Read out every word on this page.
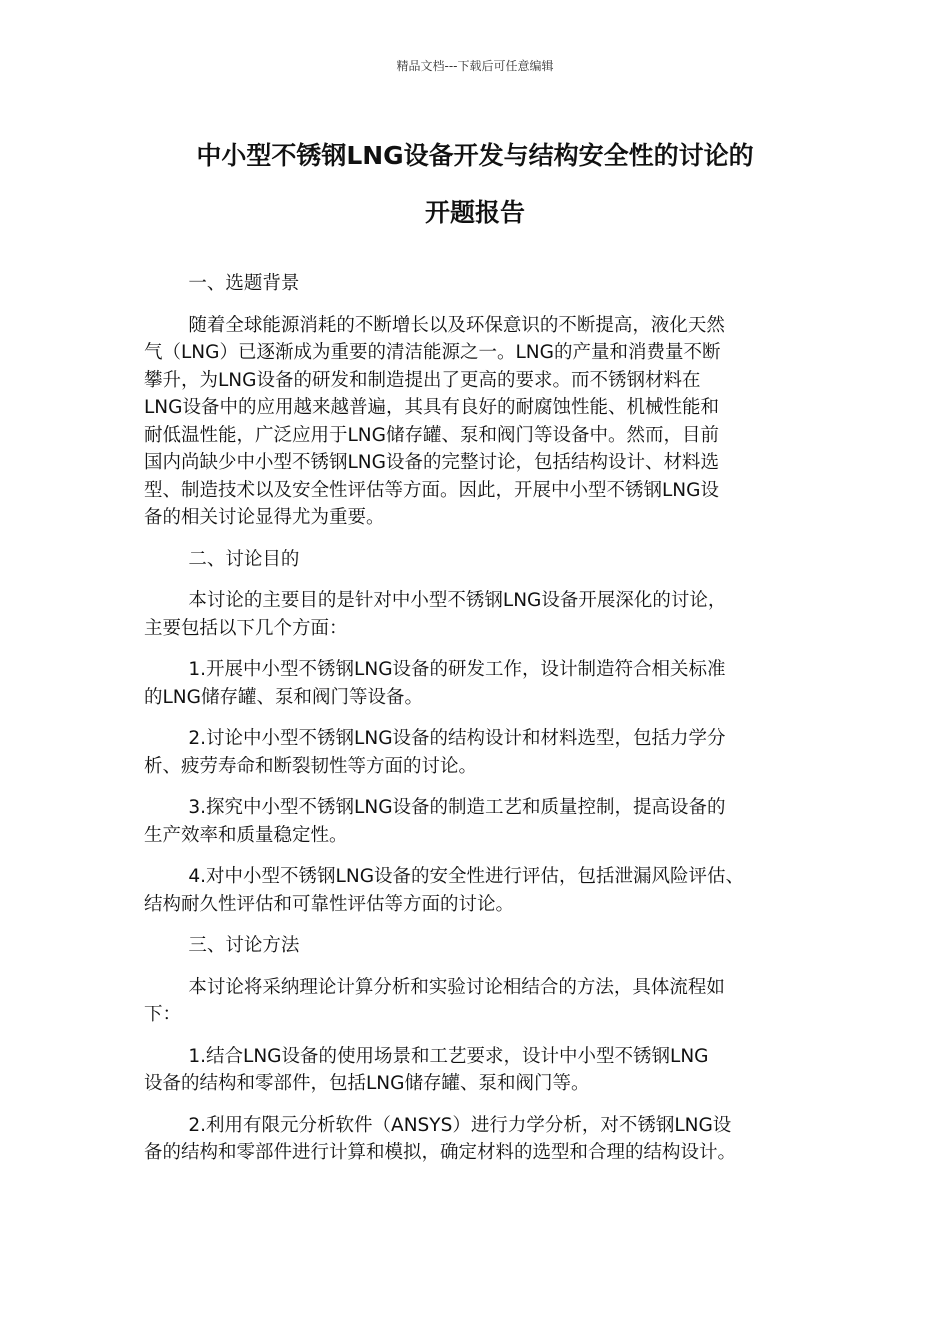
精品文档---下载后可任意编辑
中小型不锈钢LNG设备开发与结构安全性的讨论的
开题报告
一、选题背景

随着全球能源消耗的不断增长以及环保意识的不断提高，液化天然
气（LNG）已逐渐成为重要的清洁能源之一。LNG的产量和消费量不断
攀升，为LNG设备的研发和制造提出了更高的要求。而不锈钢材料在
LNG设备中的应用越来越普遍，其具有良好的耐腐蚀性能、机械性能和
耐低温性能，广泛应用于LNG储存罐、泵和阀门等设备中。然而，目前
国内尚缺少中小型不锈钢LNG设备的完整讨论，包括结构设计、材料选
型、制造技术以及安全性评估等方面。因此，开展中小型不锈钢LNG设
备的相关讨论显得尤为重要。

二、讨论目的

本讨论的主要目的是针对中小型不锈钢LNG设备开展深化的讨论，
主要包括以下几个方面：

1.开展中小型不锈钢LNG设备的研发工作，设计制造符合相关标准
的LNG储存罐、泵和阀门等设备。

2.讨论中小型不锈钢LNG设备的结构设计和材料选型，包括力学分
析、疲劳寿命和断裂韧性等方面的讨论。

3.探究中小型不锈钢LNG设备的制造工艺和质量控制，提高设备的
生产效率和质量稳定性。

4.对中小型不锈钢LNG设备的安全性进行评估，包括泄漏风险评估、
结构耐久性评估和可靠性评估等方面的讨论。

三、讨论方法

本讨论将采纳理论计算分析和实验讨论相结合的方法，具体流程如
下：

1.结合LNG设备的使用场景和工艺要求，设计中小型不锈钢LNG
设备的结构和零部件，包括LNG储存罐、泵和阀门等。

2.利用有限元分析软件（ANSYS）进行力学分析，对不锈钢LNG设
备的结构和零部件进行计算和模拟，确定材料的选型和合理的结构设计。
